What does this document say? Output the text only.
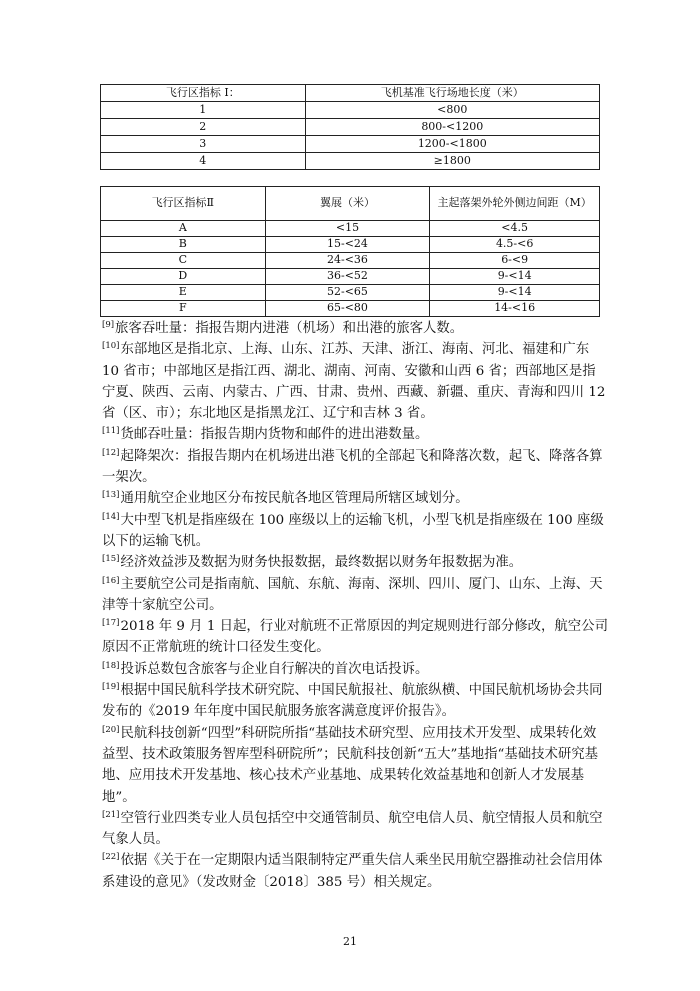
飞行区指标 I：	飞机基准飞行场地长度（米）
1	<800
2	800-<1200
3	1200-<1800
4	≥1800
飞行区指标Ⅱ	翼展（米）	主起落架外轮外侧边间距（M）
A	<15	<4.5
B	15-<24	4.5-<6
C	24-<36	6-<9
D	36-<52	9-<14
E	52-<65	9-<14
F	65-<80	14-<16

[9]旅客吞吐量：指报告期内进港（机场）和出港的旅客人数。

[10]东部地区是指北京、上海、山东、江苏、天津、浙江、海南、河北、福建和广东 10 省市；中部地区是指江西、湖北、湖南、河南、安徽和山西 6 省；西部地区是指宁夏、陕西、云南、内蒙古、广西、甘肃、贵州、西藏、新疆、重庆、青海和四川 12 省（区、市）；东北地区是指黑龙江、辽宁和吉林 3 省。

[11]货邮吞吐量：指报告期内货物和邮件的进出港数量。

[12]起降架次：指报告期内在机场进出港飞机的全部起飞和降落次数，起飞、降落各算一架次。

[13]通用航空企业地区分布按民航各地区管理局所辖区域划分。

[14]大中型飞机是指座级在 100 座级以上的运输飞机，小型飞机是指座级在 100 座级以下的运输飞机。

[15]经济效益涉及数据为财务快报数据，最终数据以财务年报数据为准。

[16]主要航空公司是指南航、国航、东航、海南、深圳、四川、厦门、山东、上海、天津等十家航空公司。

[17]2018 年 9 月 1 日起，行业对航班不正常原因的判定规则进行部分修改，航空公司原因不正常航班的统计口径发生变化。

[18]投诉总数包含旅客与企业自行解决的首次电话投诉。

[19]根据中国民航科学技术研究院、中国民航报社、航旅纵横、中国民航机场协会共同发布的《2019 年年度中国民航服务旅客满意度评价报告》。

[20]民航科技创新“四型”科研院所指“基础技术研究型、应用技术开发型、成果转化效益型、技术政策服务智库型科研院所”；民航科技创新“五大”基地指“基础技术研究基地、应用技术开发基地、核心技术产业基地、成果转化效益基地和创新人才发展基地”。

[21]空管行业四类专业人员包括空中交通管制员、航空电信人员、航空情报人员和航空气象人员。

[22]依据《关于在一定期限内适当限制特定严重失信人乘坐民用航空器推动社会信用体系建设的意见》（发改财金〔2018〕385 号）相关规定。

21
